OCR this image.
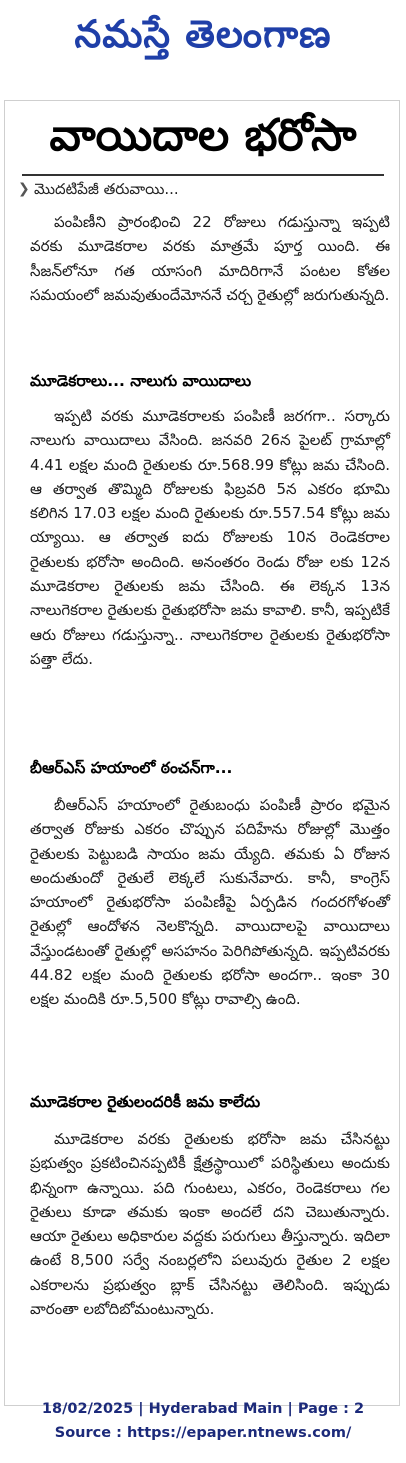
నమస్తే తెలంగాణ
వాయిదాల భరోసా
❯ మొదటిపేజీ తరువాయి...

పంపిణీని ప్రారంభించి 22 రోజులు గడుస్తున్నా ఇప్పటి వరకు మూడెకరాల వరకు మాత్రమే పూర్త యింది. ఈ సీజన్‌లోనూ గత యాసంగి మాదిరిగానే పంటల కోతల సమయంలో జమవుతుందేమోననే చర్చ రైతుల్లో జరుగుతున్నది.

మూడెకరాలు... నాలుగు వాయిదాలు

ఇప్పటి వరకు మూడెకరాలకు పంపిణీ జరగగా.. సర్కారు నాలుగు వాయిదాలు వేసింది. జనవరి 26న పైలట్ గ్రామాల్లో 4.41 లక్షల మంది రైతులకు రూ.568.99 కోట్లు జమ చేసింది. ఆ తర్వాత తొమ్మిది రోజులకు ఫిబ్రవరి 5న ఎకరం భూమి కలిగిన 17.03 లక్షల మంది రైతులకు రూ.557.54 కోట్లు జమ య్యాయి. ఆ తర్వాత ఐదు రోజులకు 10న రెండెకరాల రైతులకు భరోసా అందింది. అనంతరం రెండు రోజు లకు 12న మూడెకరాల రైతులకు జమ చేసింది. ఈ లెక్కన 13న నాలుగెకరాల రైతులకు రైతుభరోసా జమ కావాలి. కానీ, ఇప్పటికే ఆరు రోజులు గడుస్తున్నా.. నాలుగెకరాల రైతులకు రైతుభరోసా పత్తా లేదు.

బీఆర్‌ఎస్ హయాంలో ఠంచన్‌గా...

బీఆర్‌ఎస్ హయాంలో రైతుబంధు పంపిణీ ప్రారం భమైన తర్వాత రోజుకు ఎకరం చొప్పున పదిహేను రోజుల్లో మొత్తం రైతులకు పెట్టుబడి సాయం జమ య్యేది. తమకు ఏ రోజున అందుతుందో రైతులే లెక్కలే సుకునేవారు. కానీ, కాంగ్రెస్ హయాంలో రైతుభరోసా పంపిణీపై ఏర్పడిన గందరగోళంతో రైతుల్లో ఆందోళన నెలకొన్నది. వాయిదాలపై వాయిదాలు వేస్తుండటంతో రైతుల్లో అసహనం పెరిగిపోతున్నది. ఇప్పటివరకు 44.82 లక్షల మంది రైతులకు భరోసా అందగా.. ఇంకా 30 లక్షల మందికి రూ.5,500 కోట్లు రావాల్సి ఉంది.

మూడెకరాల రైతులందరికీ జమ కాలేదు

మూడెకరాల వరకు రైతులకు భరోసా జమ చేసినట్టు ప్రభుత్వం ప్రకటించినప్పటికీ క్షేత్రస్థాయిలో పరిస్థితులు అందుకు భిన్నంగా ఉన్నాయి. పది గుంటలు, ఎకరం, రెండెకరాలు గల రైతులు కూడా తమకు ఇంకా అందలే దని చెబుతున్నారు. ఆయా రైతులు అధికారుల వద్దకు పరుగులు తీస్తున్నారు. ఇదిలా ఉంటే 8,500 సర్వే నంబర్లలోని పలువురు రైతుల 2 లక్షల ఎకరాలను ప్రభుత్వం బ్లాక్ చేసినట్టు తెలిసింది. ఇప్పుడు వారంతా లబోదిబోమంటున్నారు.

18/02/2025 | Hyderabad Main | Page : 2
Source : https://epaper.ntnews.com/
